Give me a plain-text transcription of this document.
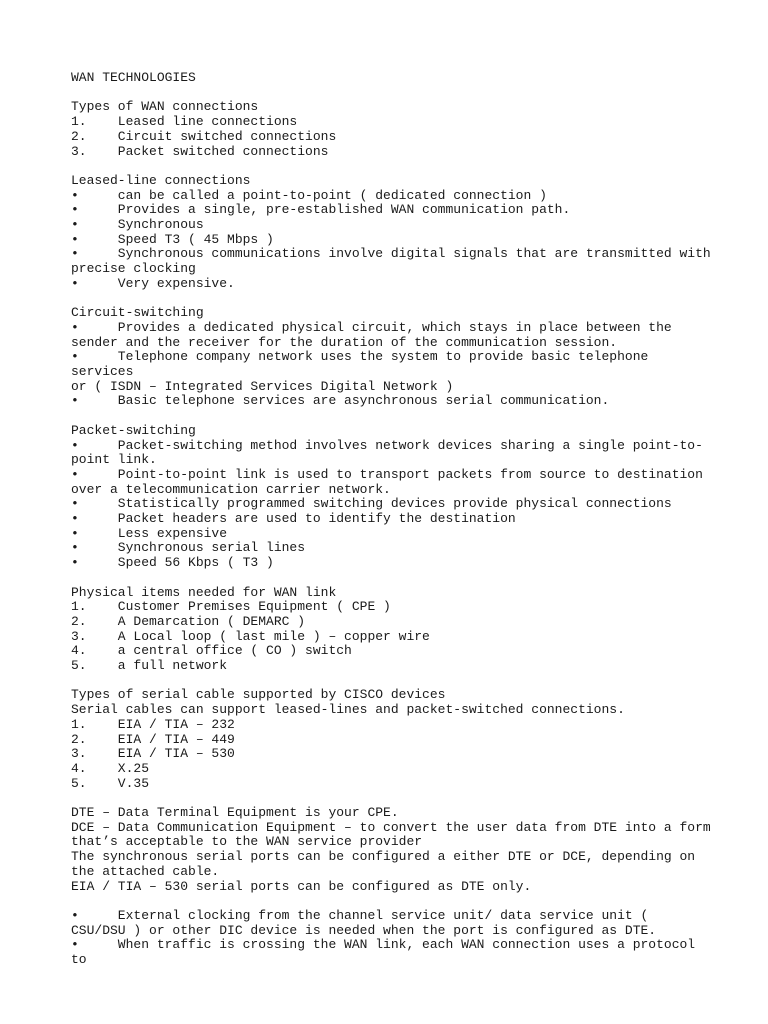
WAN TECHNOLOGIES
Types of WAN connections
1.    Leased line connections
2.    Circuit switched connections
3.    Packet switched connections
Leased-line connections
•     can be called a point-to-point ( dedicated connection )
•     Provides a single, pre-established WAN communication path.
•     Synchronous
•     Speed T3 ( 45 Mbps )
•     Synchronous communications involve digital signals that are transmitted with
precise clocking
•     Very expensive.
Circuit-switching
•     Provides a dedicated physical circuit, which stays in place between the
sender and the receiver for the duration of the communication session.
•     Telephone company network uses the system to provide basic telephone services
or ( ISDN – Integrated Services Digital Network )
•     Basic telephone services are asynchronous serial communication.
Packet-switching
•     Packet-switching method involves network devices sharing a single point-to-
point link.
•     Point-to-point link is used to transport packets from source to destination
over a telecommunication carrier network.
•     Statistically programmed switching devices provide physical connections
•     Packet headers are used to identify the destination
•     Less expensive
•     Synchronous serial lines
•     Speed 56 Kbps ( T3 )
Physical items needed for WAN link
1.    Customer Premises Equipment ( CPE )
2.    A Demarcation ( DEMARC )
3.    A Local loop ( last mile ) – copper wire
4.    a central office ( CO ) switch
5.    a full network
Types of serial cable supported by CISCO devices
Serial cables can support leased-lines and packet-switched connections.
1.    EIA / TIA – 232
2.    EIA / TIA – 449
3.    EIA / TIA – 530
4.    X.25
5.    V.35
DTE – Data Terminal Equipment is your CPE.
DCE – Data Communication Equipment – to convert the user data from DTE into a form
that’s acceptable to the WAN service provider
The synchronous serial ports can be configured a either DTE or DCE, depending on
the attached cable.
EIA / TIA – 530 serial ports can be configured as DTE only.
•     External clocking from the channel service unit/ data service unit (
CSU/DSU ) or other DIC device is needed when the port is configured as DTE.
•     When traffic is crossing the WAN link, each WAN connection uses a protocol to
